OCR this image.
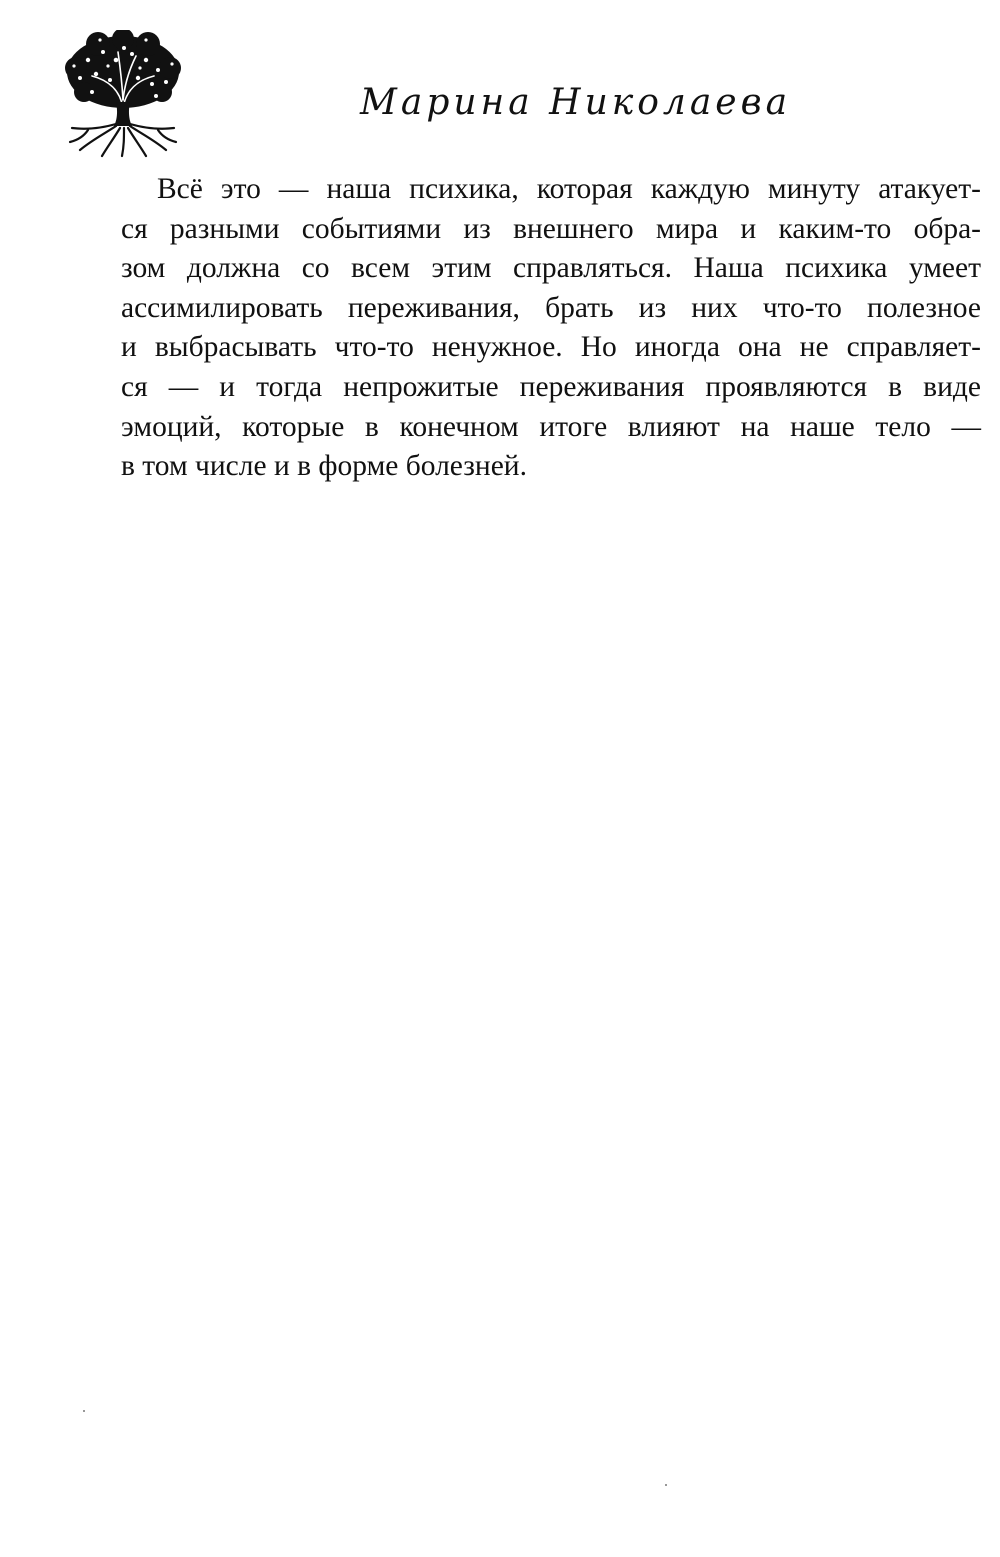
Марина Николаева

Всё это — наша психика, которая каждую минуту атакует-
ся разными событиями из внешнего мира и каким-то обра-
зом должна со всем этим справляться. Наша психика умеет
ассимилировать переживания, брать из них что-то полезное
и выбрасывать что-то ненужное. Но иногда она не справляет-
ся — и тогда непрожитые переживания проявляются в виде
эмоций, которые в конечном итоге влияют на наше тело —
в том числе и в форме болезней.
